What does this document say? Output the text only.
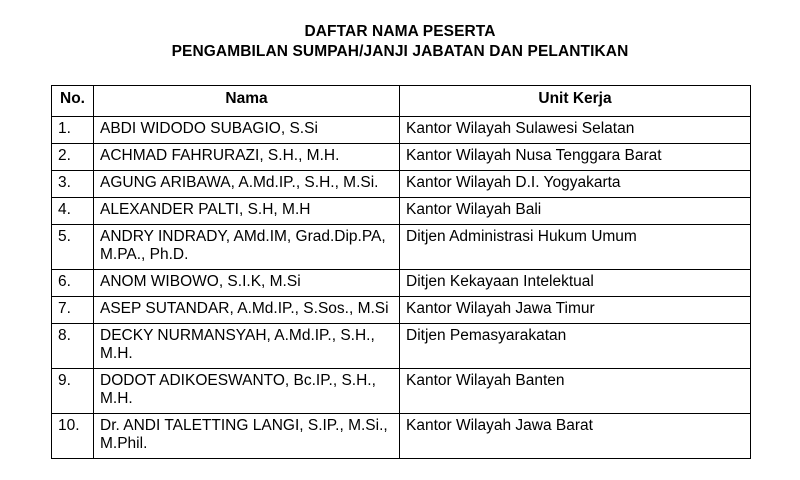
DAFTAR NAMA PESERTA
PENGAMBILAN SUMPAH/JANJI JABATAN DAN PELANTIKAN
No.	Nama	Unit Kerja
1.	ABDI WIDODO SUBAGIO, S.Si	Kantor Wilayah Sulawesi Selatan
2.	ACHMAD FAHRURAZI, S.H., M.H.	Kantor Wilayah Nusa Tenggara Barat
3.	AGUNG ARIBAWA, A.Md.IP., S.H., M.Si.	Kantor Wilayah D.I. Yogyakarta
4.	ALEXANDER PALTI, S.H, M.H	Kantor Wilayah Bali
5.	ANDRY INDRADY, AMd.IM, Grad.Dip.PA, M.PA., Ph.D.	Ditjen Administrasi Hukum Umum
6.	ANOM WIBOWO, S.I.K, M.Si	Ditjen Kekayaan Intelektual
7.	ASEP SUTANDAR, A.Md.IP., S.Sos., M.Si	Kantor Wilayah Jawa Timur
8.	DECKY NURMANSYAH, A.Md.IP., S.H., M.H.	Ditjen Pemasyarakatan
9.	DODOT ADIKOESWANTO, Bc.IP., S.H., M.H.	Kantor Wilayah Banten
10.	Dr. ANDI TALETTING LANGI, S.IP., M.Si., M.Phil.	Kantor Wilayah Jawa Barat
